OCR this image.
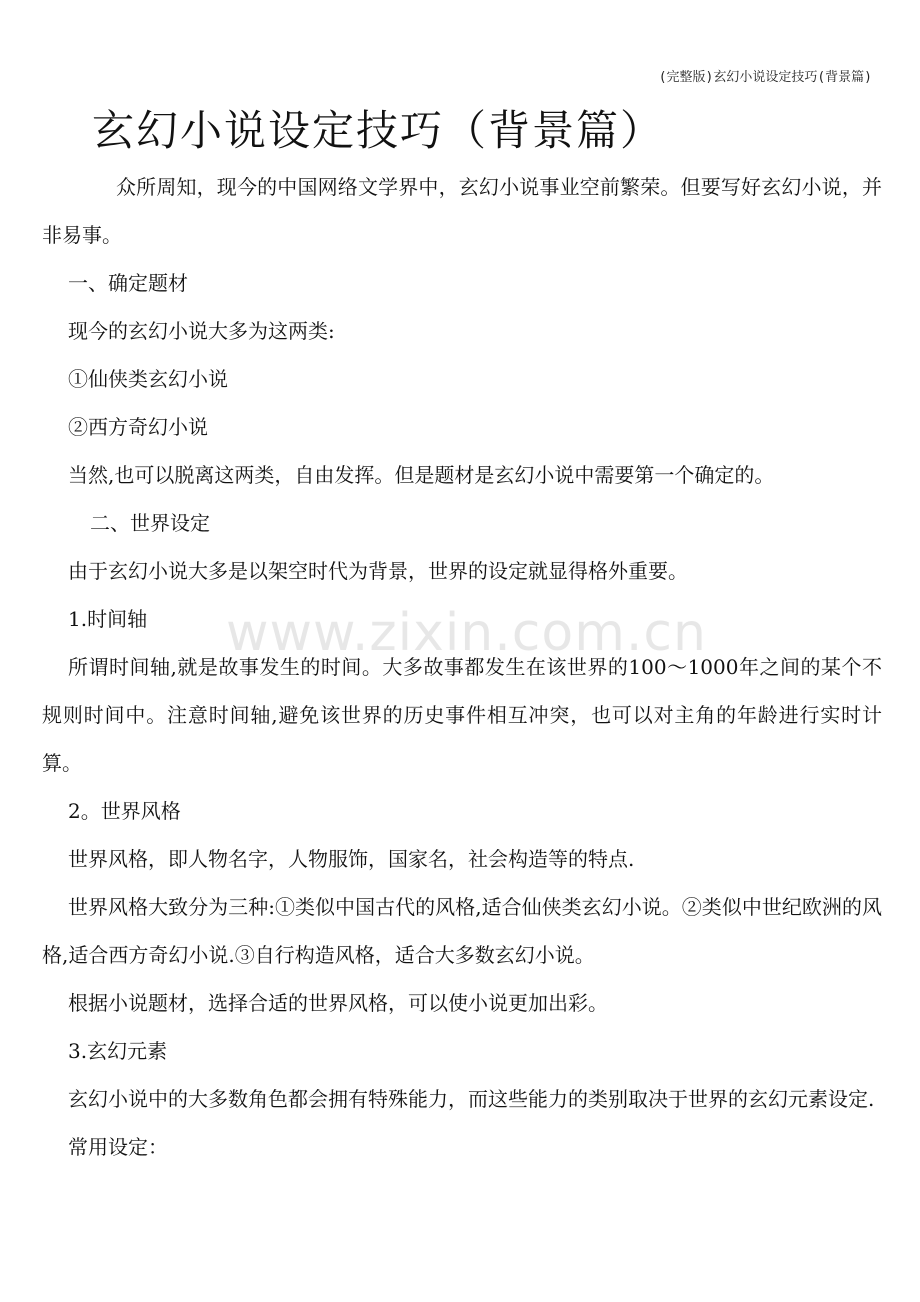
(完整版)玄幻小说设定技巧(背景篇)
玄幻小说设定技巧（背景篇）

众所周知，现今的中国网络文学界中，玄幻小说事业空前繁荣。但要写好玄幻小说，并非易事。

一、确定题材

现今的玄幻小说大多为这两类:

①仙侠类玄幻小说

②西方奇幻小说

当然,也可以脱离这两类，自由发挥。但是题材是玄幻小说中需要第一个确定的。

二、世界设定

由于玄幻小说大多是以架空时代为背景，世界的设定就显得格外重要。

1.时间轴

所谓时间轴,就是故事发生的时间。大多故事都发生在该世界的100～1000年之间的某个不规则时间中。注意时间轴,避免该世界的历史事件相互冲突，也可以对主角的年龄进行实时计算。

2。世界风格

世界风格，即人物名字，人物服饰，国家名，社会构造等的特点.

世界风格大致分为三种:①类似中国古代的风格,适合仙侠类玄幻小说。②类似中世纪欧洲的风格,适合西方奇幻小说.③自行构造风格，适合大多数玄幻小说。

根据小说题材，选择合适的世界风格，可以使小说更加出彩。

3.玄幻元素

玄幻小说中的大多数角色都会拥有特殊能力，而这些能力的类别取决于世界的玄幻元素设定.

常用设定：

www.zixin.com.cn
